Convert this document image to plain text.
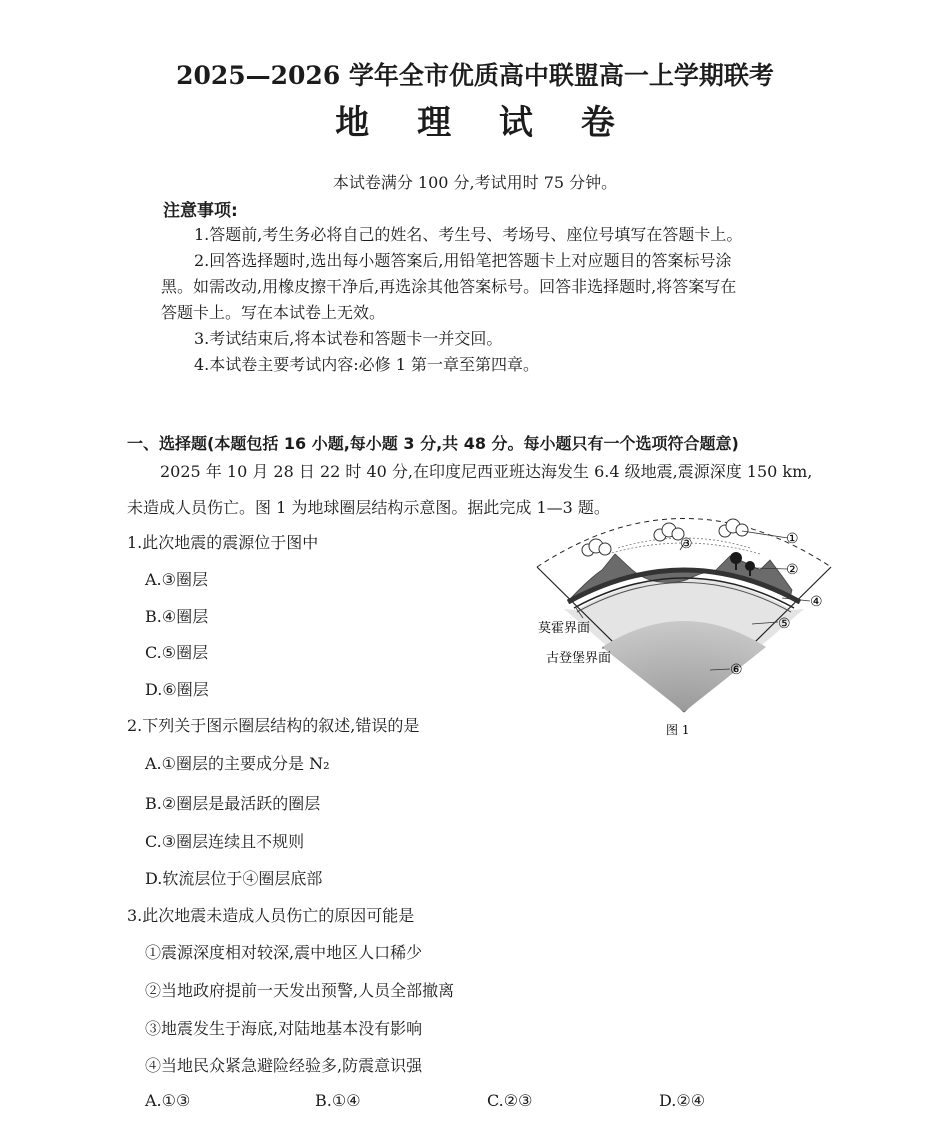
2025—2026 学年全市优质高中联盟高一上学期联考
地 理 试 卷
本试卷满分 100 分,考试用时 75 分钟。
注意事项:
1.答题前,考生务必将自己的姓名、考生号、考场号、座位号填写在答题卡上。
2.回答选择题时,选出每小题答案后,用铅笔把答题卡上对应题目的答案标号涂
黑。如需改动,用橡皮擦干净后,再选涂其他答案标号。回答非选择题时,将答案写在
答题卡上。写在本试卷上无效。
3.考试结束后,将本试卷和答题卡一并交回。
4.本试卷主要考试内容:必修 1 第一章至第四章。
一、选择题(本题包括 16 小题,每小题 3 分,共 48 分。每小题只有一个选项符合题意)
2025 年 10 月 28 日 22 时 40 分,在印度尼西亚班达海发生 6.4 级地震,震源深度 150 km,
未造成人员伤亡。图 1 为地球圈层结构示意图。据此完成 1—3 题。
1.此次地震的震源位于图中
A.③圈层
B.④圈层
C.⑤圈层
D.⑥圈层
2.下列关于图示圈层结构的叙述,错误的是
A.①圈层的主要成分是 N₂
B.②圈层是最活跃的圈层
C.③圈层连续且不规则
D.软流层位于④圈层底部
3.此次地震未造成人员伤亡的原因可能是
①震源深度相对较深,震中地区人口稀少
②当地政府提前一天发出预警,人员全部撤离
③地震发生于海底,对陆地基本没有影响
④当地民众紧急避险经验多,防震意识强
A.①③	B.①④	C.②③	D.②④
①
③
②
④
⑤
⑥
莫霍界面
古登堡界面
图 1
